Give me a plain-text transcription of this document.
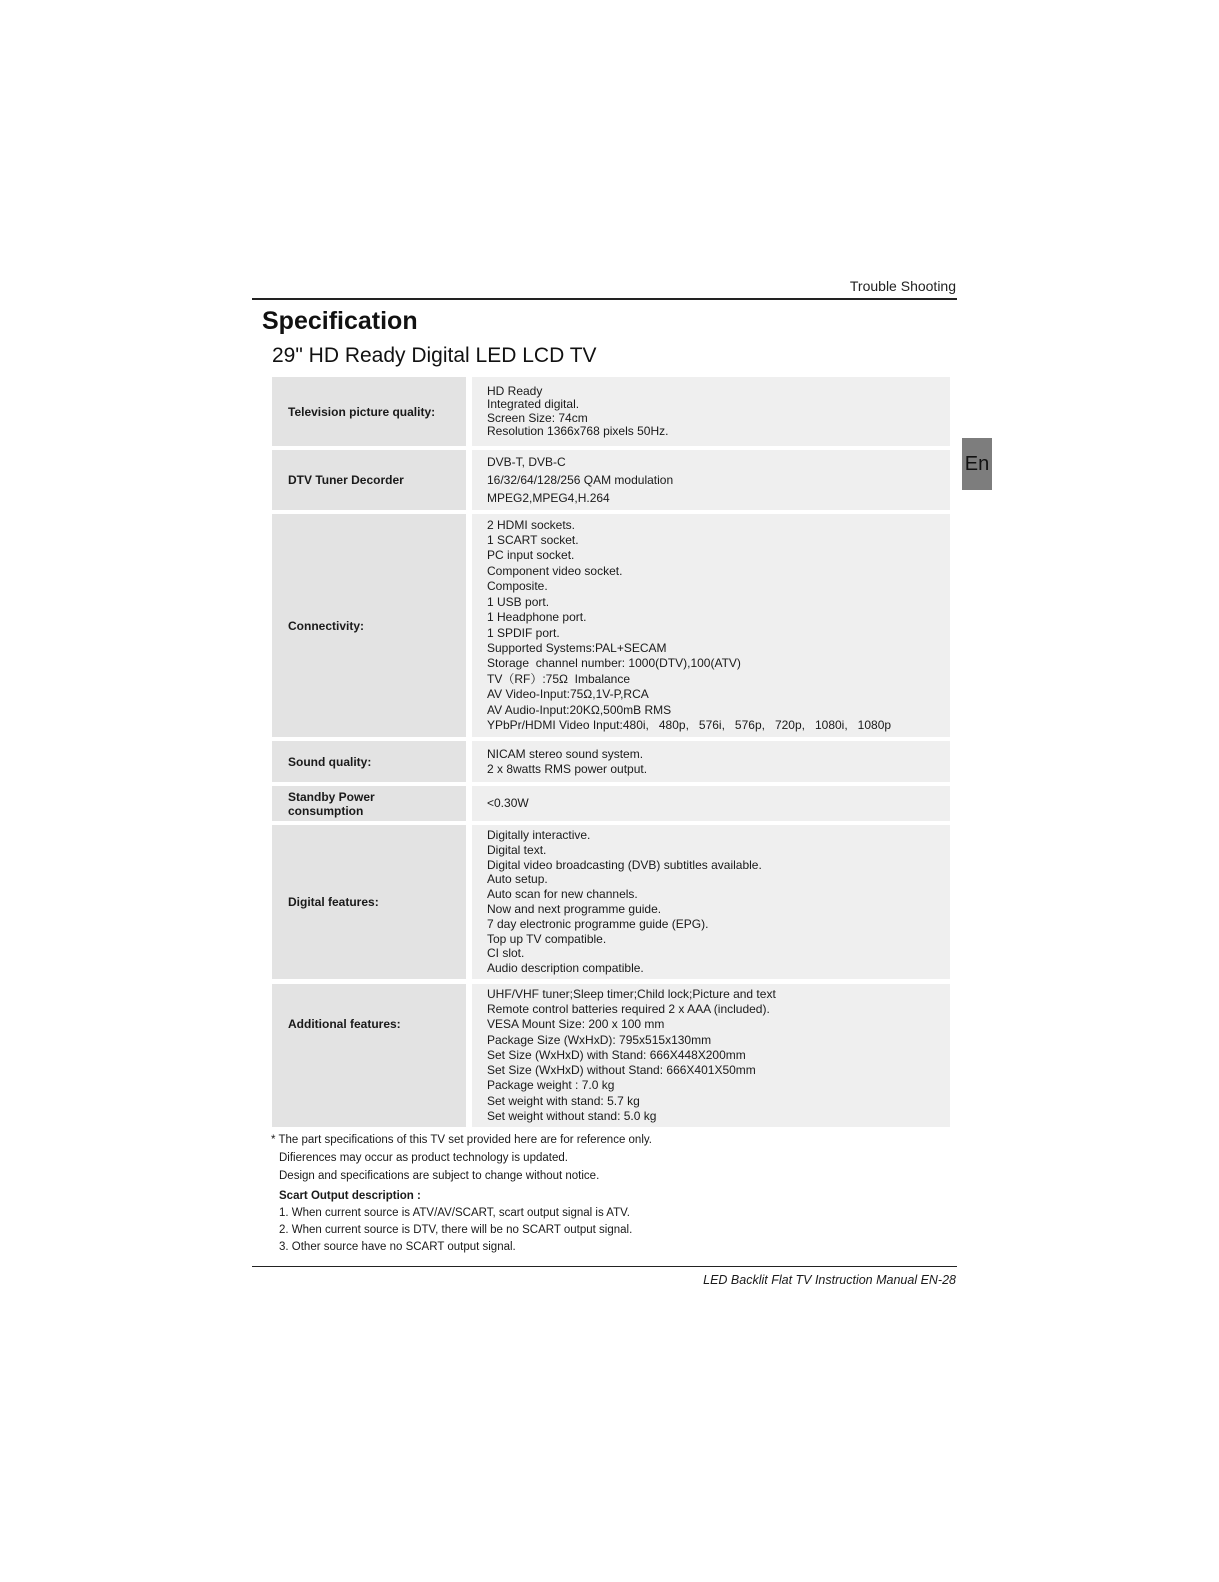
Trouble Shooting
Specification
29" HD Ready Digital LED LCD TV
En
Television picture quality:
HD Ready
Integrated digital.
Screen Size: 74cm
Resolution 1366x768 pixels 50Hz.
DTV Tuner Decorder
DVB-T, DVB-C
16/32/64/128/256 QAM modulation
MPEG2,MPEG4,H.264
Connectivity:
2 HDMI sockets.
1 SCART socket.
PC input socket.
Component video socket.
Composite.
1 USB port.
1 Headphone port.
1 SPDIF port.
Supported Systems:PAL+SECAM
Storage  channel number: 1000(DTV),100(ATV)
TV（RF）:75Ω  Imbalance
AV Video-Input:75Ω,1V-P,RCA
AV Audio-Input:20KΩ,500mB RMS
YPbPr/HDMI Video Input:480i,   480p,   576i,   576p,   720p,   1080i,   1080p
Sound quality:
NICAM stereo sound system.
2 x 8watts RMS power output.
Standby Power consumption
<0.30W
Digital features:
Digitally interactive.
Digital text.
Digital video broadcasting (DVB) subtitles available.
Auto setup.
Auto scan for new channels.
Now and next programme guide.
7 day electronic programme guide (EPG).
Top up TV compatible.
CI slot.
Audio description compatible.
Additional features:
UHF/VHF tuner;Sleep timer;Child lock;Picture and text
Remote control batteries required 2 x AAA (included).
VESA Mount Size: 200 x 100 mm
Package Size (WxHxD): 795x515x130mm
Set Size (WxHxD) with Stand: 666X448X200mm
Set Size (WxHxD) without Stand: 666X401X50mm
Package weight : 7.0 kg
Set weight with stand: 5.7 kg
Set weight without stand: 5.0 kg
* The part specifications of this TV set provided here are for reference only.
Difierences may occur as product technology is updated.
Design and specifications are subject to change without notice.
Scart Output description :
1. When current source is ATV/AV/SCART, scart output signal is ATV.
2. When current source is DTV, there will be no SCART output signal.
3. Other source have no SCART output signal.
LED Backlit Flat TV Instruction Manual EN-28
